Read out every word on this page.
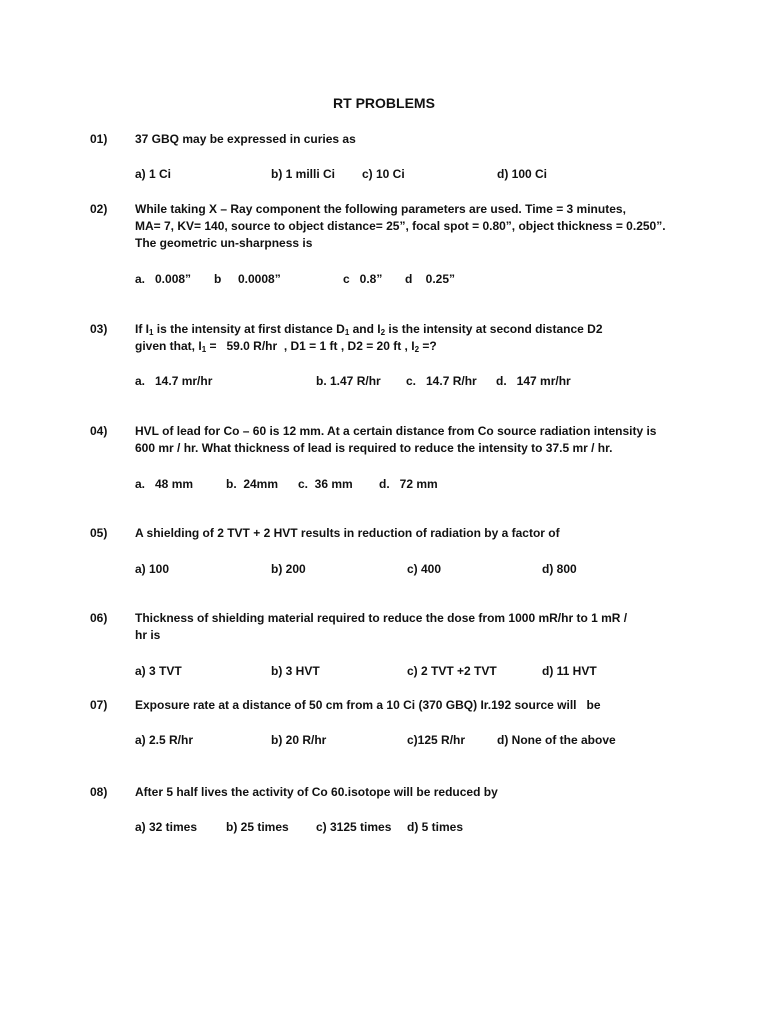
RT PROBLEMS
01) 37 GBQ may be expressed in curies as
a) 1 Ci	b) 1 milli Ci c) 10 Ci	d) 100 Ci
02) While taking X – Ray component the following parameters are used. Time = 3 minutes,
MA= 7, KV= 140, source to object distance= 25”, focal spot = 0.80”, object thickness = 0.250”.
The geometric un-sharpness is
a.   0.008” b     0.0008”	c   0.8” d    0.25”
03) If $I_1$ is the intensity at first distance $D_1$ and $I_2$ is the intensity at second distance D2
given that, $I_1 = 59.0$ R/hr  , D1 = 1 ft , D2 = 20 ft , $I_2$ =?
a.   14.7 mr/hr	b. 1.47 R/hr c.   14.7 R/hr d.   147 mr/hr
04) HVL of lead for Co – 60 is 12 mm. At a certain distance from Co source radiation intensity is
600 mr / hr. What thickness of lead is required to reduce the intensity to 37.5 mr / hr.
a.   48 mm	b.  24mm c.  36 mm d.   72 mm
05) A shielding of 2 TVT + 2 HVT results in reduction of radiation by a factor of
a) 100	b) 200	c) 400	d) 800
06) Thickness of shielding material required to reduce the dose from 1000 mR/hr to 1 mR /
hr is
a) 3 TVT	b) 3 HVT	c) 2 TVT +2 TVT	d) 11 HVT
07) Exposure rate at a distance of 50 cm from a 10 Ci (370 GBQ) Ir.192 source will   be
a) 2.5 R/hr	b) 20 R/hr	c)125 R/hr	d) None of the above
08) After 5 half lives the activity of Co 60.isotope will be reduced by
a) 32 times b) 25 times c) 3125 times d) 5 times
